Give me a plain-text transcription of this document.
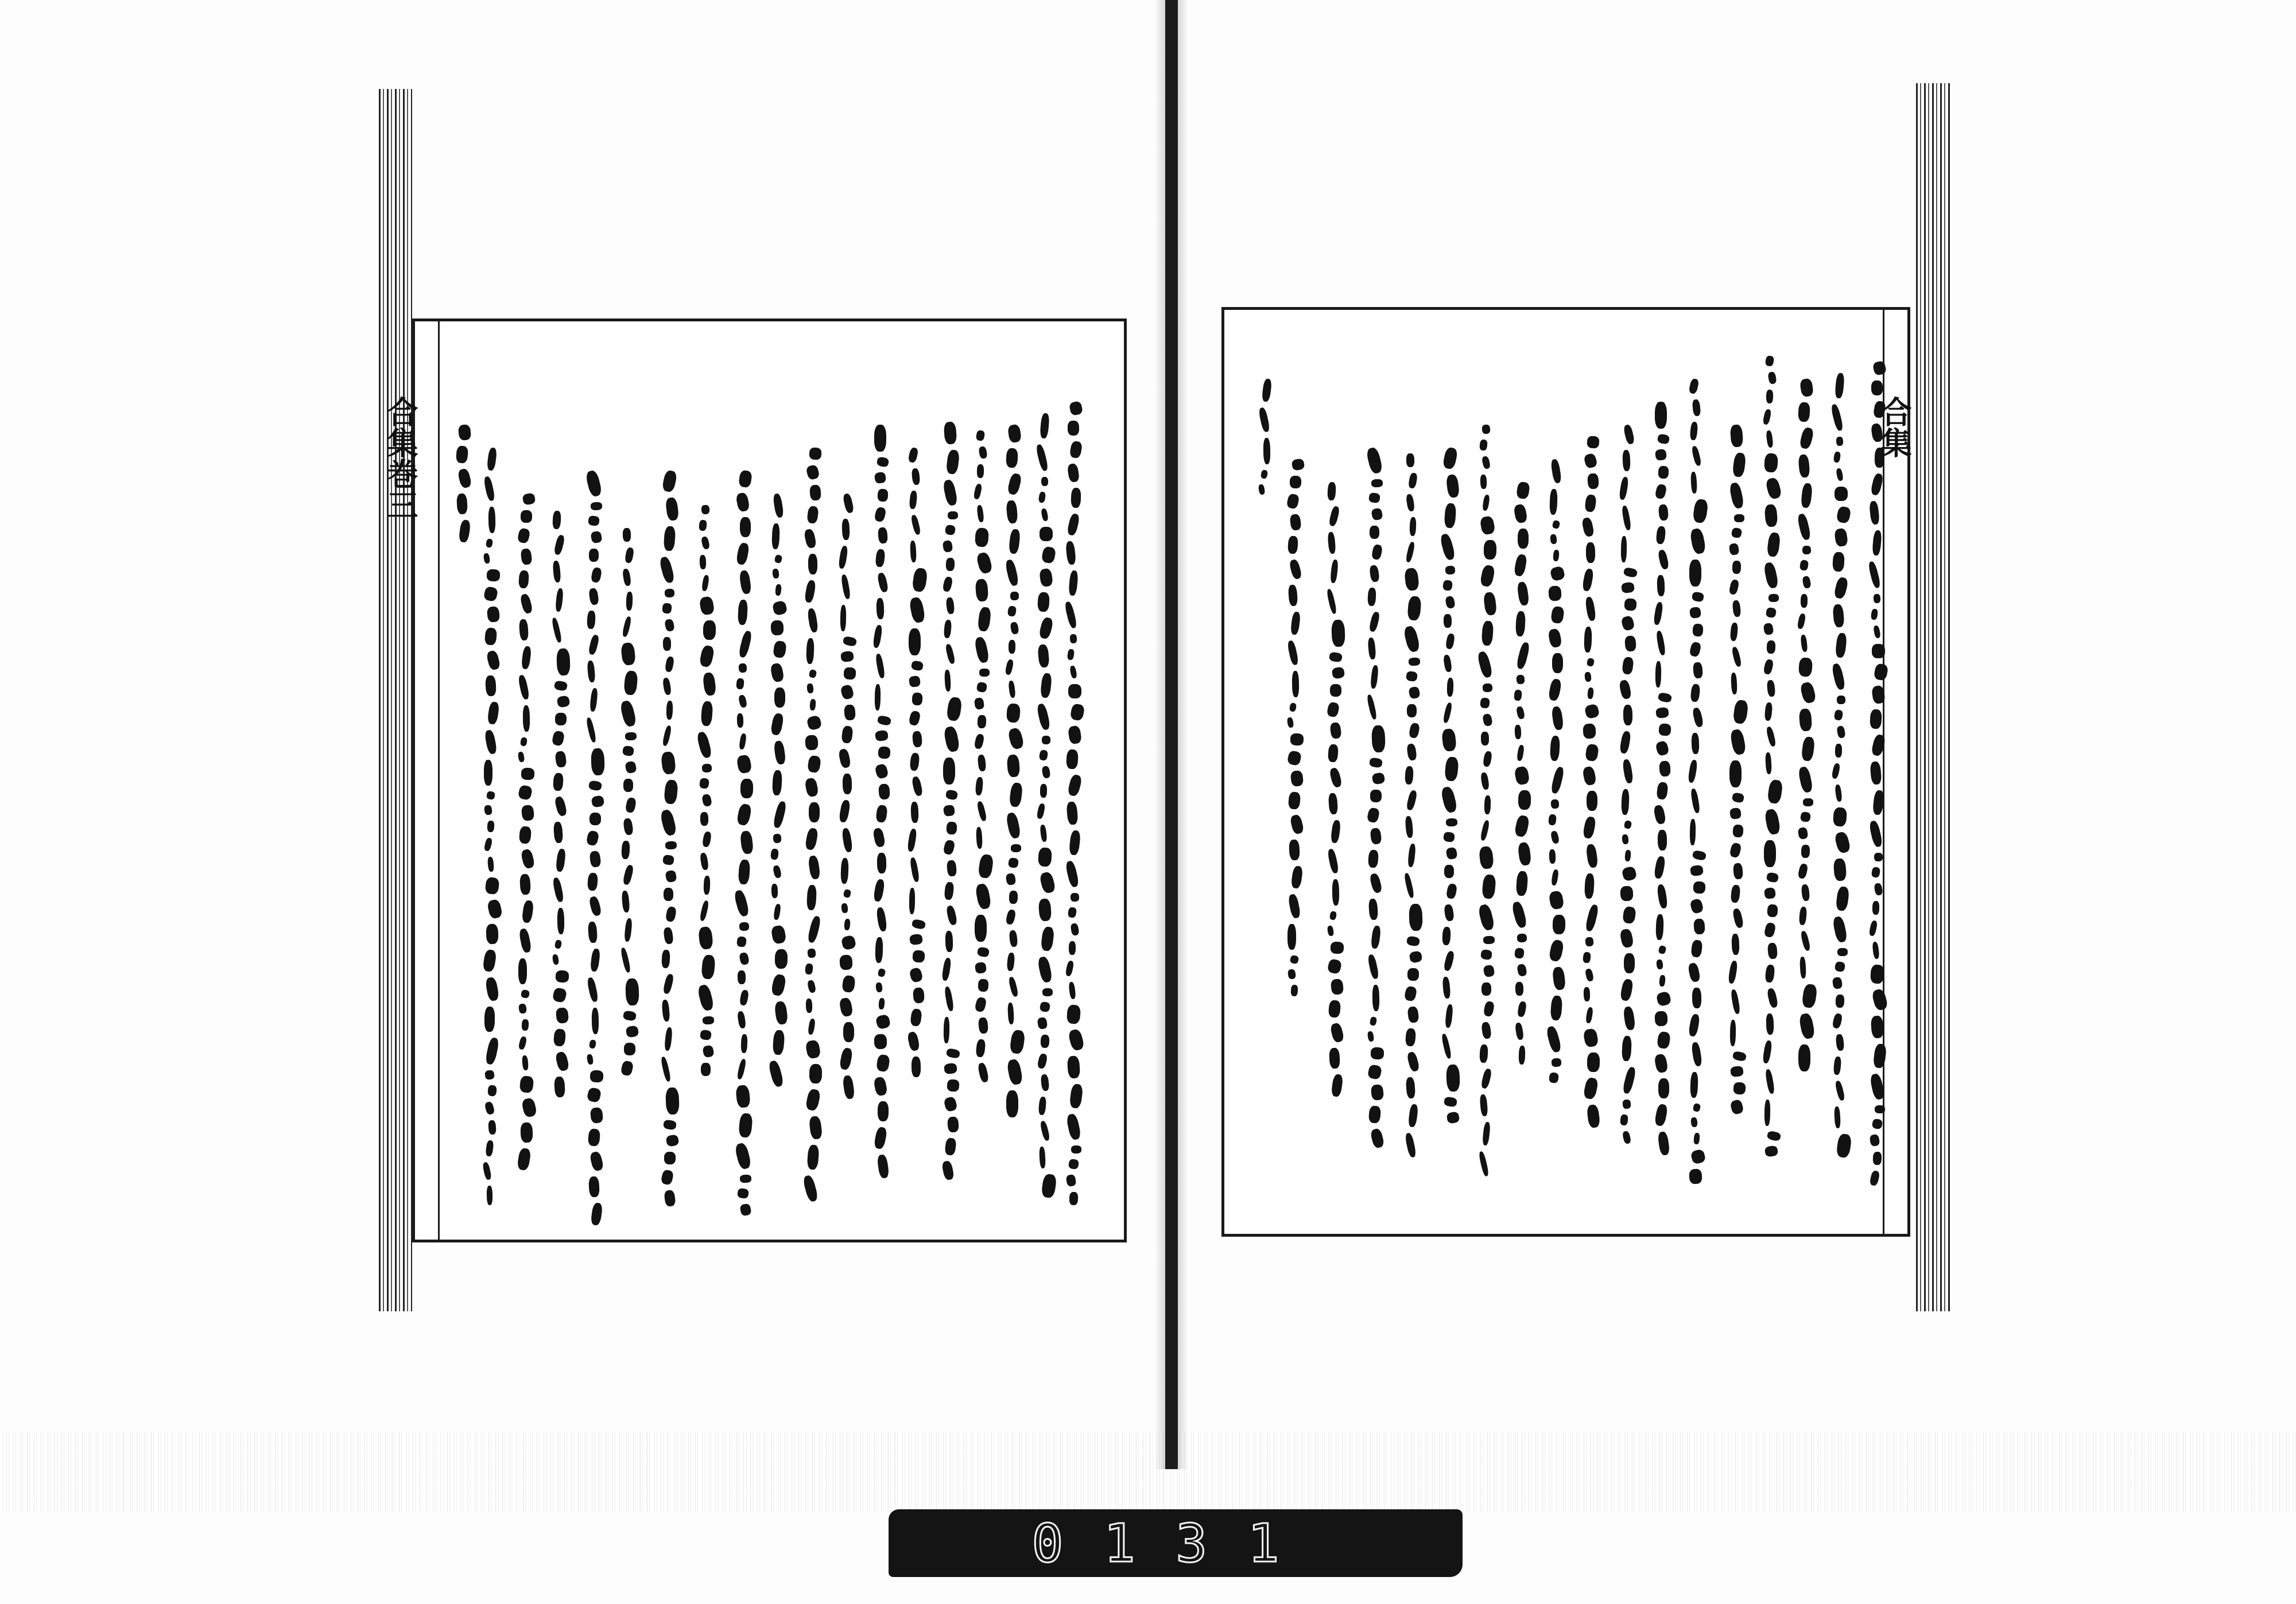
合集巻三	合集
0131
